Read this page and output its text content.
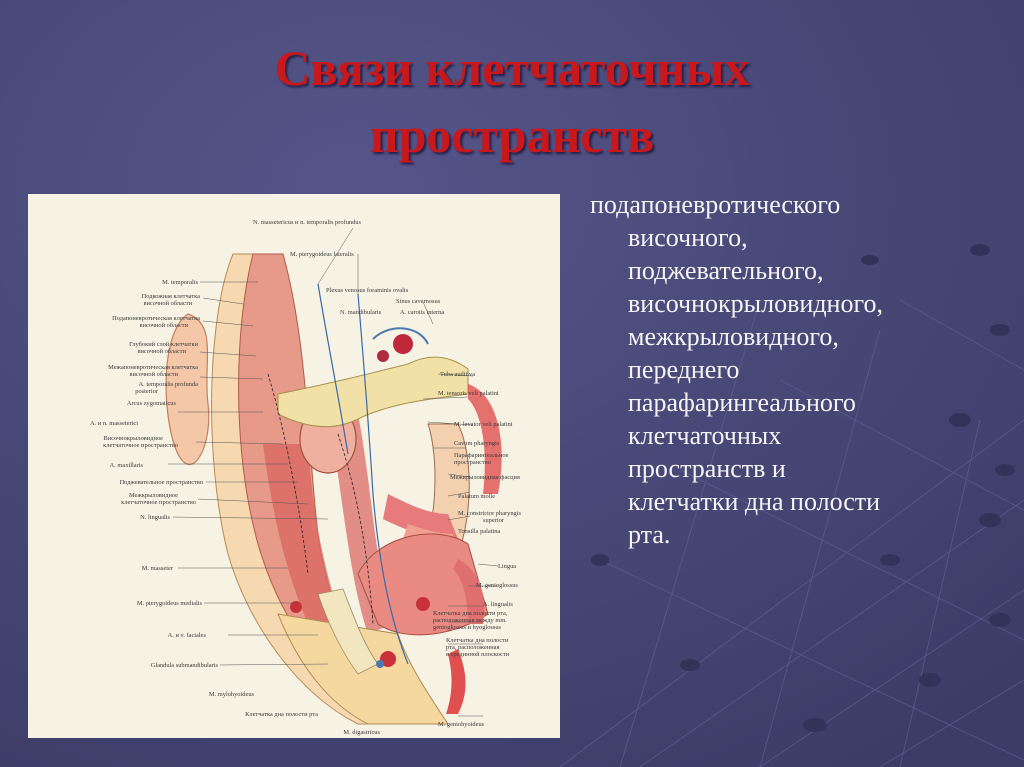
Связи клетчаточных
пространств
N. massetericus и n. temporalis profundus
M. pterygoideus lateralis
Plexus venosus foraminis ovalis
Sinus cavernosus
N. mandibularis	A. carotis interna
M. temporalis
Подкожная клетчатка
височной области
Подапоневротическая клетчатка
височной области
Глубокий слой клетчатки
височной области
Межапоневротическая клетчатка
височной области
A. temporalis profunda
posterior
Arcus zygomaticus
A. и n. masseterici
Височнокрыловидное
клетчаточное пространство
A. maxillaris
Поджевательное пространство
Межкрыловидное
клетчаточное пространство
N. lingualis
M. masseter
M. pterygoideus medialis
A. и v. faciales
Glandula submandibularis
M. mylohyoideus
Клетчатка дна полости рта
M. digastricus
Tuba auditiva
M. tensoris veli palatini
M. levator veli palatini
Cavum pharyngis
Парафарингеальное
пространство
Межкрыловидная фасция
Palatum molle
M. constrictor pharyngis
superior
Tonsilla palatina
Lingua
M. genioglossus
A. lingualis
Клетчатка дна полости рта,
расположенная между mm.
genioglossus и hyoglossus
Клетчатка дна полости
рта, расположенная
в срединной плоскости
M. geniohyoideus
подапоневротического
височного,
поджевательного,
височнокрыловидного,
межкрыловидного,
переднего
парафарингеального
клетчаточных
пространств и
клетчатки дна полости
рта.
